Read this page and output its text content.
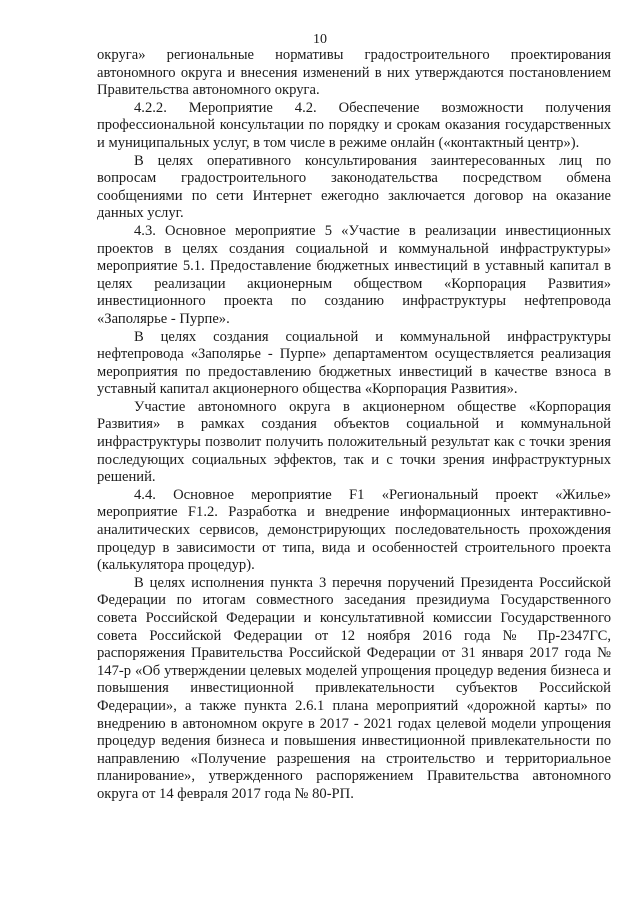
10

округа» региональные нормативы градостроительного проектирования автономного округа и внесения изменений в них утверждаются постановлением Правительства автономного округа.

4.2.2. Мероприятие 4.2. Обеспечение возможности получения профессиональной консультации по порядку и срокам оказания государственных и муниципальных услуг, в том числе в режиме онлайн («контактный центр»).

В целях оперативного консультирования заинтересованных лиц по вопросам градостроительного законодательства посредством обмена сообщениями по сети Интернет ежегодно заключается договор на оказание данных услуг.

4.3. Основное мероприятие 5 «Участие в реализации инвестиционных проектов в целях создания социальной и коммунальной инфраструктуры» мероприятие 5.1. Предоставление бюджетных инвестиций в уставный капитал в целях реализации акционерным обществом «Корпорация Развития» инвестиционного проекта по созданию инфраструктуры нефтепровода «Заполярье - Пурпе».

В целях создания социальной и коммунальной инфраструктуры нефтепровода «Заполярье - Пурпе» департаментом осуществляется реализация мероприятия по предоставлению бюджетных инвестиций в качестве взноса в уставный капитал акционерного общества «Корпорация Развития».

Участие автономного округа в акционерном обществе «Корпорация Развития» в рамках создания объектов социальной и коммунальной инфраструктуры позволит получить положительный результат как с точки зрения последующих социальных эффектов, так и с точки зрения инфраструктурных решений.

4.4. Основное мероприятие F1 «Региональный проект «Жилье» мероприятие F1.2. Разработка и внедрение информационных интерактивно-аналитических сервисов, демонстрирующих последовательность прохождения процедур в зависимости от типа, вида и особенностей строительного проекта (калькулятора процедур).

В целях исполнения пункта 3 перечня поручений Президента Российской Федерации по итогам совместного заседания президиума Государственного совета Российской Федерации и консультативной комиссии Государственного совета Российской Федерации от 12 ноября 2016 года № Пр-2347ГС, распоряжения Правительства Российской Федерации от 31 января 2017 года № 147-р «Об утверждении целевых моделей упрощения процедур ведения бизнеса и повышения инвестиционной привлекательности субъектов Российской Федерации», а также пункта 2.6.1 плана мероприятий «дорожной карты» по внедрению в автономном округе в 2017 - 2021 годах целевой модели упрощения процедур ведения бизнеса и повышения инвестиционной привлекательности по направлению «Получение разрешения на строительство и территориальное планирование», утвержденного распоряжением Правительства автономного округа от 14 февраля 2017 года № 80-РП.
